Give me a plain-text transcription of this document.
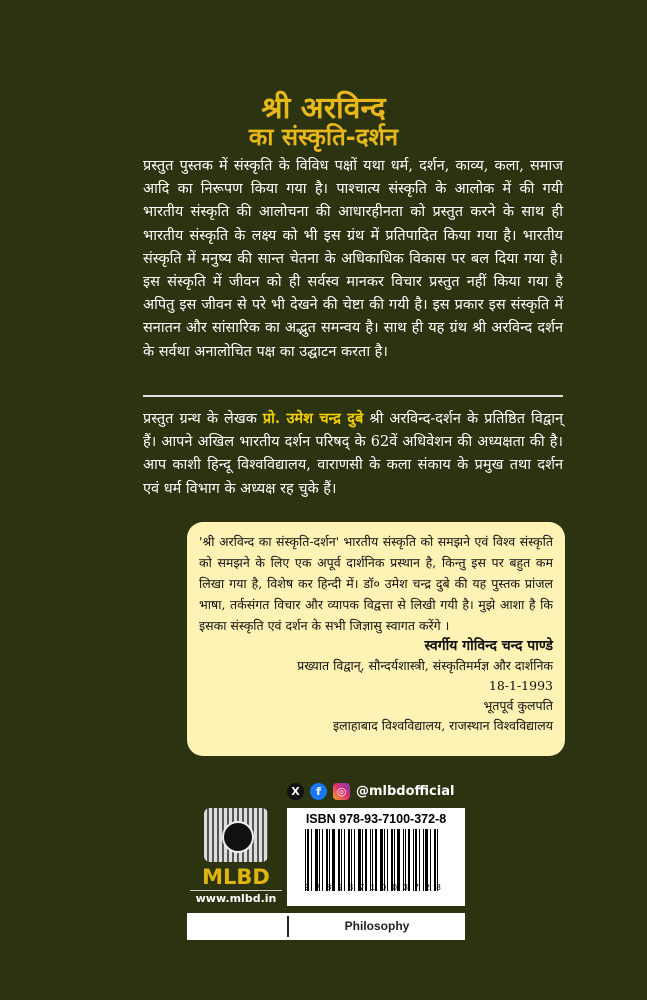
श्री अरविन्द
का संस्कृति-दर्शन

प्रस्तुत पुस्तक में संस्कृति के विविध पक्षों यथा धर्म, दर्शन, काव्य, कला, समाज आदि का निरूपण किया गया है। पाश्चात्य संस्कृति के आलोक में की गयी भारतीय संस्कृति की आलोचना की आधारहीनता को प्रस्तुत करने के साथ ही भारतीय संस्कृति के लक्ष्य को भी इस ग्रंथ में प्रतिपादित किया गया है। भारतीय संस्कृति में मनुष्य की सान्त चेतना के अधिकाधिक विकास पर बल दिया गया है। इस संस्कृति में जीवन को ही सर्वस्व मानकर विचार प्रस्तुत नहीं किया गया है अपितु इस जीवन से परे भी देखने की चेष्टा की गयी है। इस प्रकार इस संस्कृति में सनातन और सांसारिक का अद्भुत समन्वय है। साथ ही यह ग्रंथ श्री अरविन्द दर्शन के सर्वथा अनालोचित पक्ष का उद्घाटन करता है।

प्रस्तुत ग्रन्थ के लेखक प्रो. उमेश चन्द्र दुबे श्री अरविन्द-दर्शन के प्रतिष्ठित विद्वान् हैं। आपने अखिल भारतीय दर्शन परिषद् के 62वें अधिवेशन की अध्यक्षता की है। आप काशी हिन्दू विश्वविद्यालय, वाराणसी के कला संकाय के प्रमुख तथा दर्शन एवं धर्म विभाग के अध्यक्ष रह चुके हैं।

'श्री अरविन्द का संस्कृति-दर्शन' भारतीय संस्कृति को समझने एवं विश्व संस्कृति को समझने के लिए एक अपूर्व दार्शनिक प्रस्थान है, किन्तु इस पर बहुत कम लिखा गया है, विशेष कर हिन्दी में। डॉ० उमेश चन्द्र दुबे की यह पुस्तक प्रांजल भाषा, तर्कसंगत विचार और व्यापक विद्वत्ता से लिखी गयी है। मुझे आशा है कि इसका संस्कृति एवं दर्शन के सभी जिज्ञासु स्वागत करेंगे ।

स्वर्गीय गोविन्द चन्द पाण्डे
प्रख्यात विद्वान्, सौन्दर्यशास्त्री, संस्कृतिमर्मज्ञ और दार्शनिक
18-1-1993
भूतपूर्व कुलपति
इलाहाबाद विश्वविद्यालय, राजस्थान विश्वविद्यालय
X	f	◎ @mlbdofficial
MLBD
www.mlbd.in
ISBN 978-93-7100-372-8
9789371003728
Philosophy
